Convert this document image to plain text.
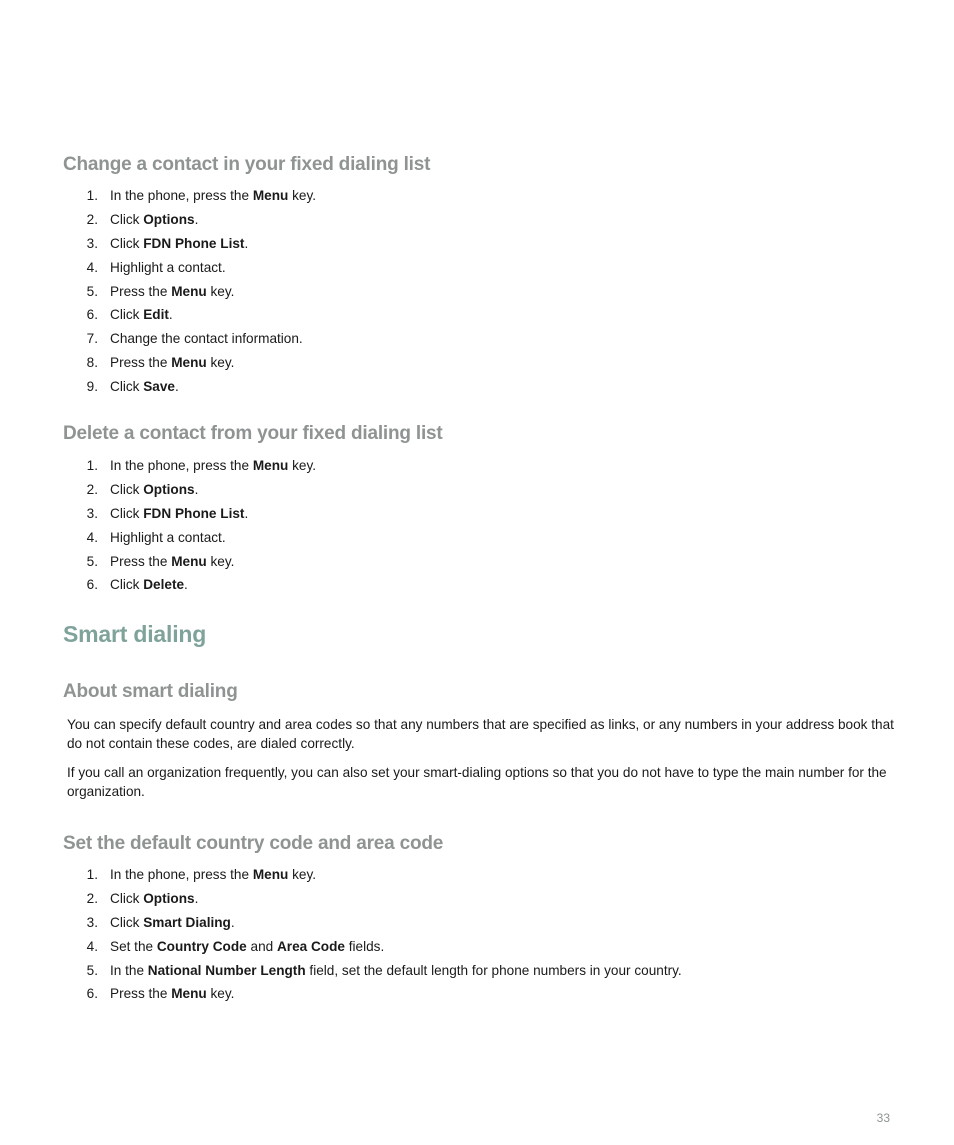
Change a contact in your fixed dialing list
1. In the phone, press the Menu key.
2. Click Options.
3. Click FDN Phone List.
4. Highlight a contact.
5. Press the Menu key.
6. Click Edit.
7. Change the contact information.
8. Press the Menu key.
9. Click Save.
Delete a contact from your fixed dialing list
1. In the phone, press the Menu key.
2. Click Options.
3. Click FDN Phone List.
4. Highlight a contact.
5. Press the Menu key.
6. Click Delete.
Smart dialing
About smart dialing

You can specify default country and area codes so that any numbers that are specified as links, or any numbers in your address book that do not contain these codes, are dialed correctly.

If you call an organization frequently, you can also set your smart-dialing options so that you do not have to type the main number for the organization.

Set the default country code and area code
1. In the phone, press the Menu key.
2. Click Options.
3. Click Smart Dialing.
4. Set the Country Code and Area Code fields.
5. In the National Number Length field, set the default length for phone numbers in your country.
6. Press the Menu key.
33
